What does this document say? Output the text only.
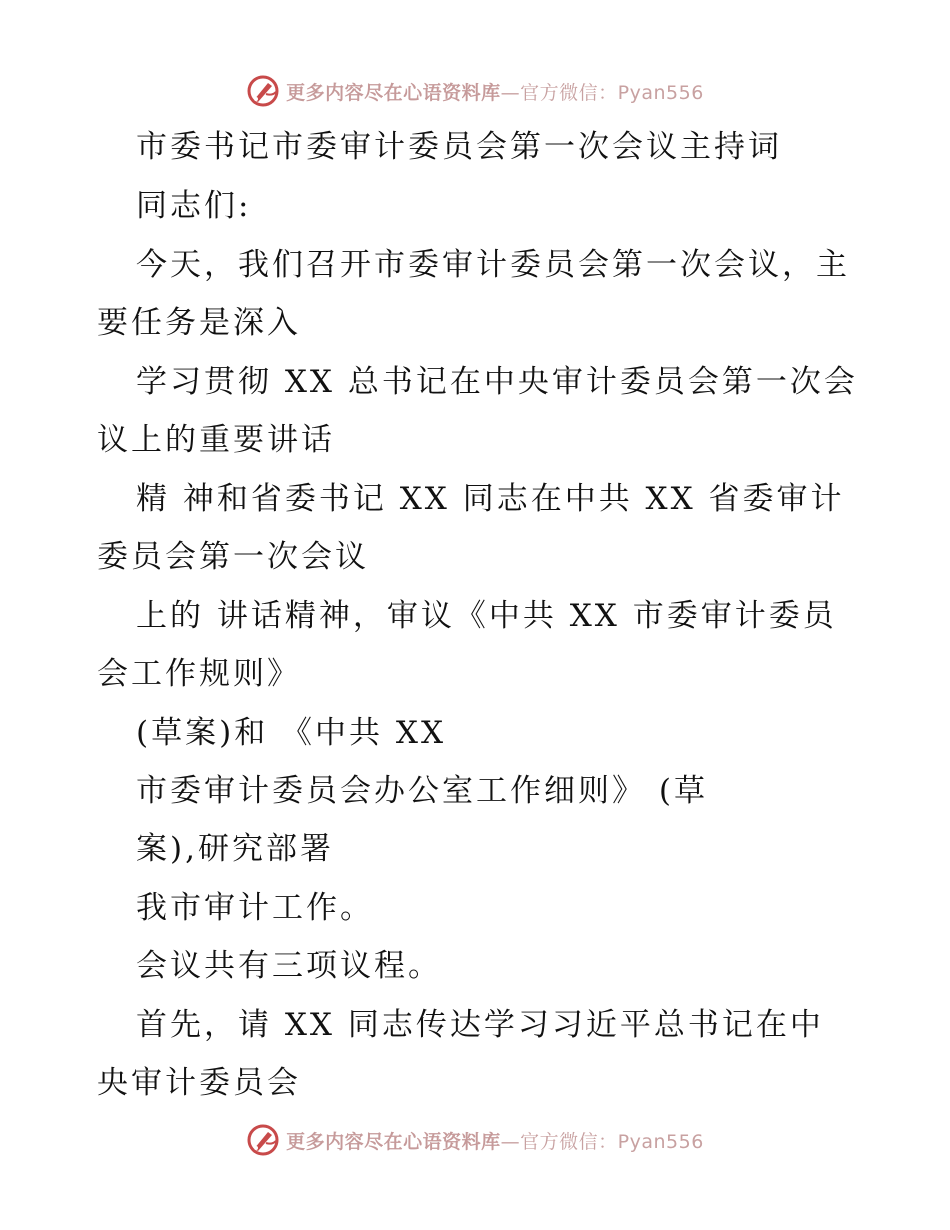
更多内容尽在心语资料库—官方微信：Pyan556
市委书记市委审计委员会第一次会议主持词
同志们:
今天，我们召开市委审计委员会第一次会议，主
要任务是深入
学习贯彻 XX 总书记在中央审计委员会第一次会
议上的重要讲话
精 神和省委书记 XX 同志在中共 XX 省委审计
委员会第一次会议
上的 讲话精神，审议《中共 XX 市委审计委员
会工作规则》
(草案)和 《中共 XX
市委审计委员会办公室工作细则》 (草
案),研究部署
我市审计工作。
会议共有三项议程。
首先，请 XX 同志传达学习习近平总书记在中
央审计委员会
更多内容尽在心语资料库—官方微信：Pyan556
